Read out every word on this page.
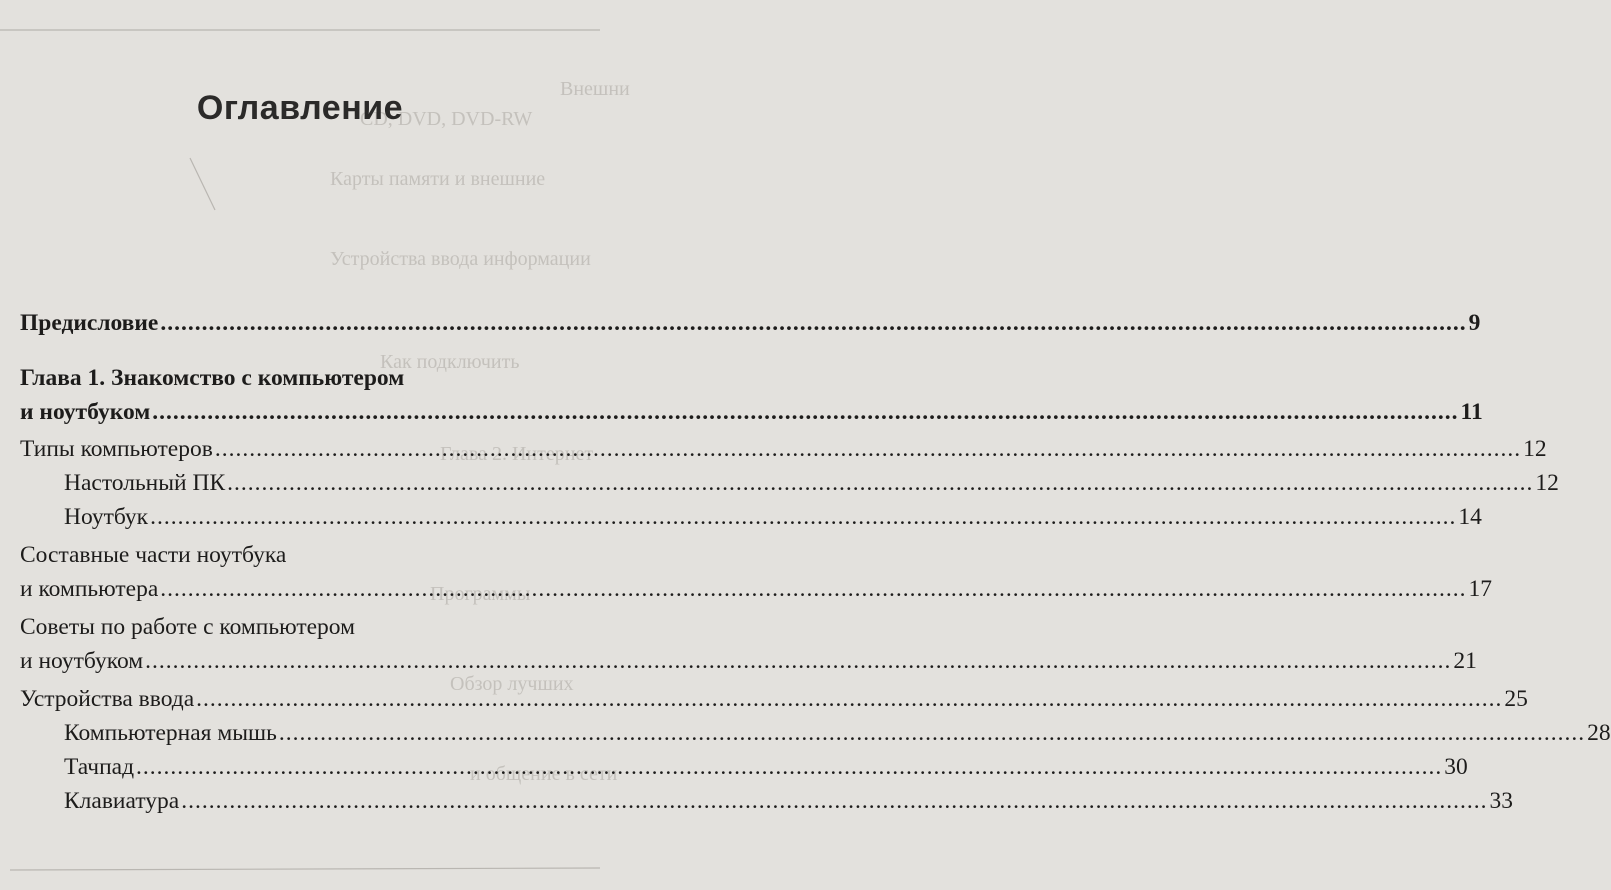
Внешни
CD, DVD, DVD-RW
Карты памяти и внешние
Устройства ввода информации
Как подключить
Глава 2. Интернет
Программы
Обзор лучших
и общение в сети
Оглавление
Предисловие .....	9
Глава 1. Знакомство с компьютером
и ноутбуком .....	11
Типы компьютеров .....	12
Настольный ПК .....	12
Ноутбук .....	14
Составные части ноутбука
и компьютера .....	17
Советы по работе с компьютером
и ноутбуком .....	21
Устройства ввода .....	25
Компьютерная мышь .....	28
Тачпад .....	30
Клавиатура .....	33
